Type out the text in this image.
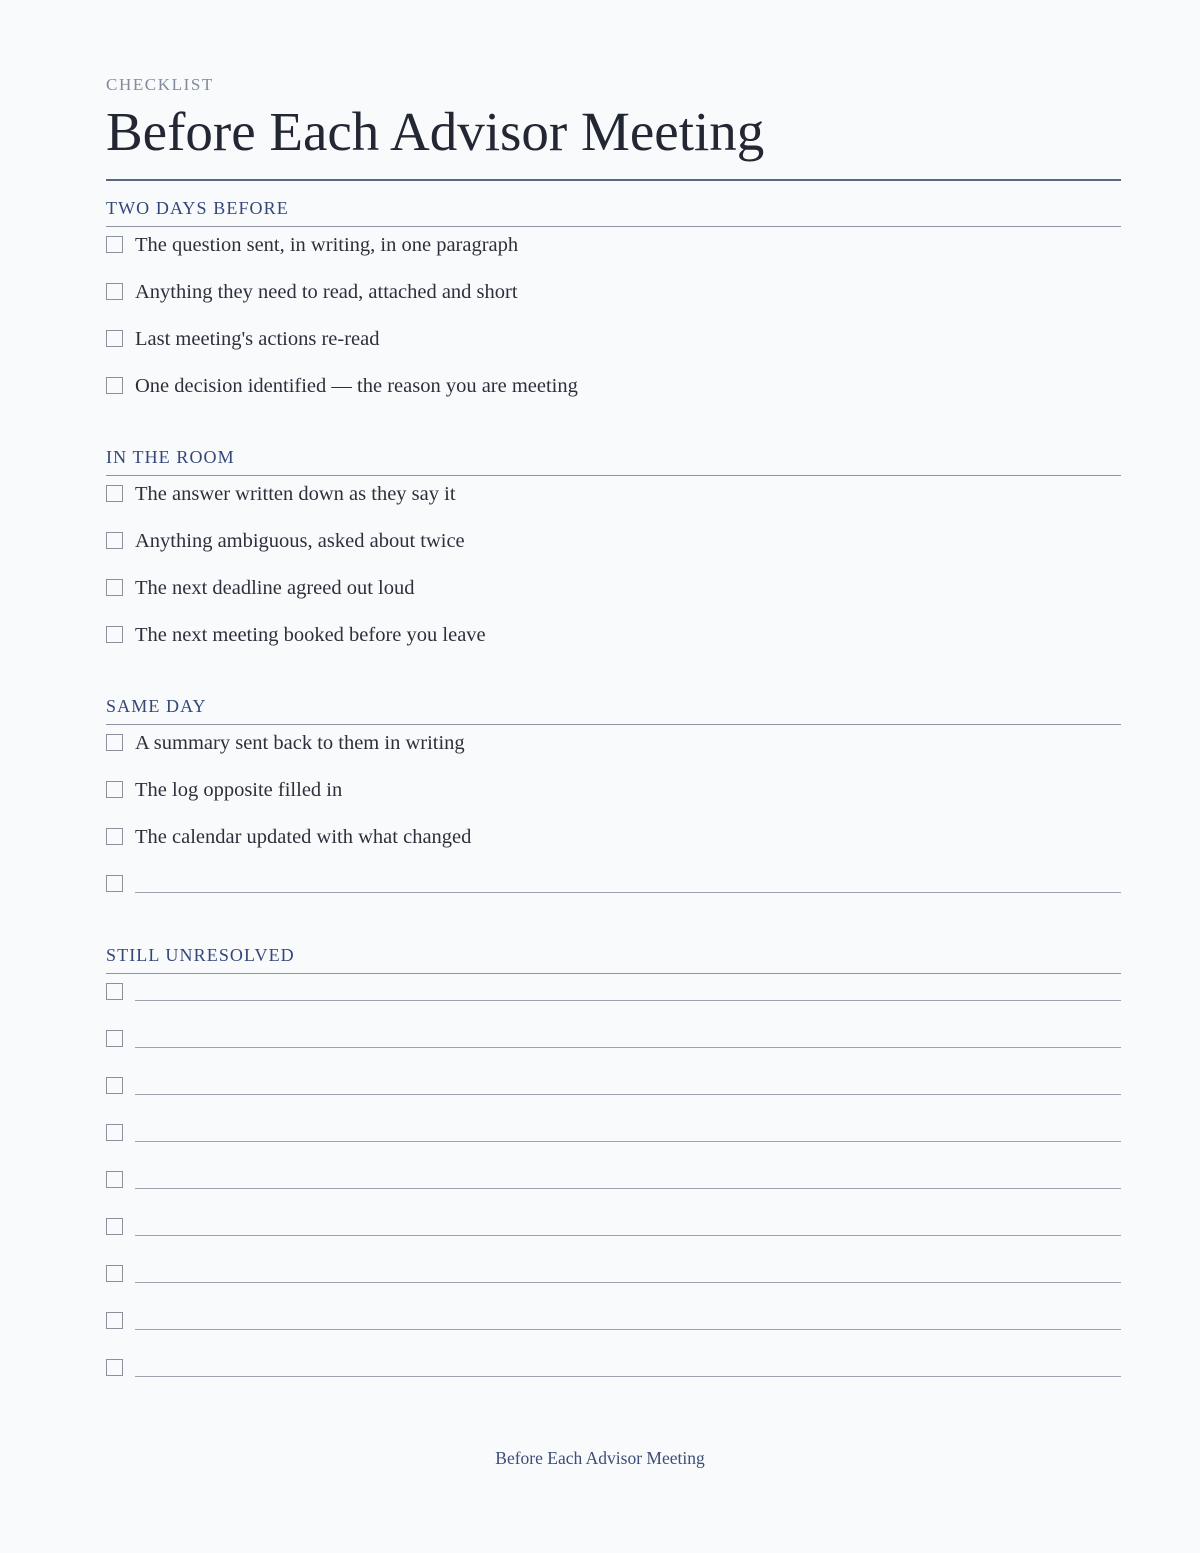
CHECKLIST
Before Each Advisor Meeting
TWO DAYS BEFORE
The question sent, in writing, in one paragraph
Anything they need to read, attached and short
Last meeting's actions re-read
One decision identified — the reason you are meeting
IN THE ROOM
The answer written down as they say it
Anything ambiguous, asked about twice
The next deadline agreed out loud
The next meeting booked before you leave
SAME DAY
A summary sent back to them in writing
The log opposite filled in
The calendar updated with what changed
STILL UNRESOLVED
Before Each Advisor Meeting
